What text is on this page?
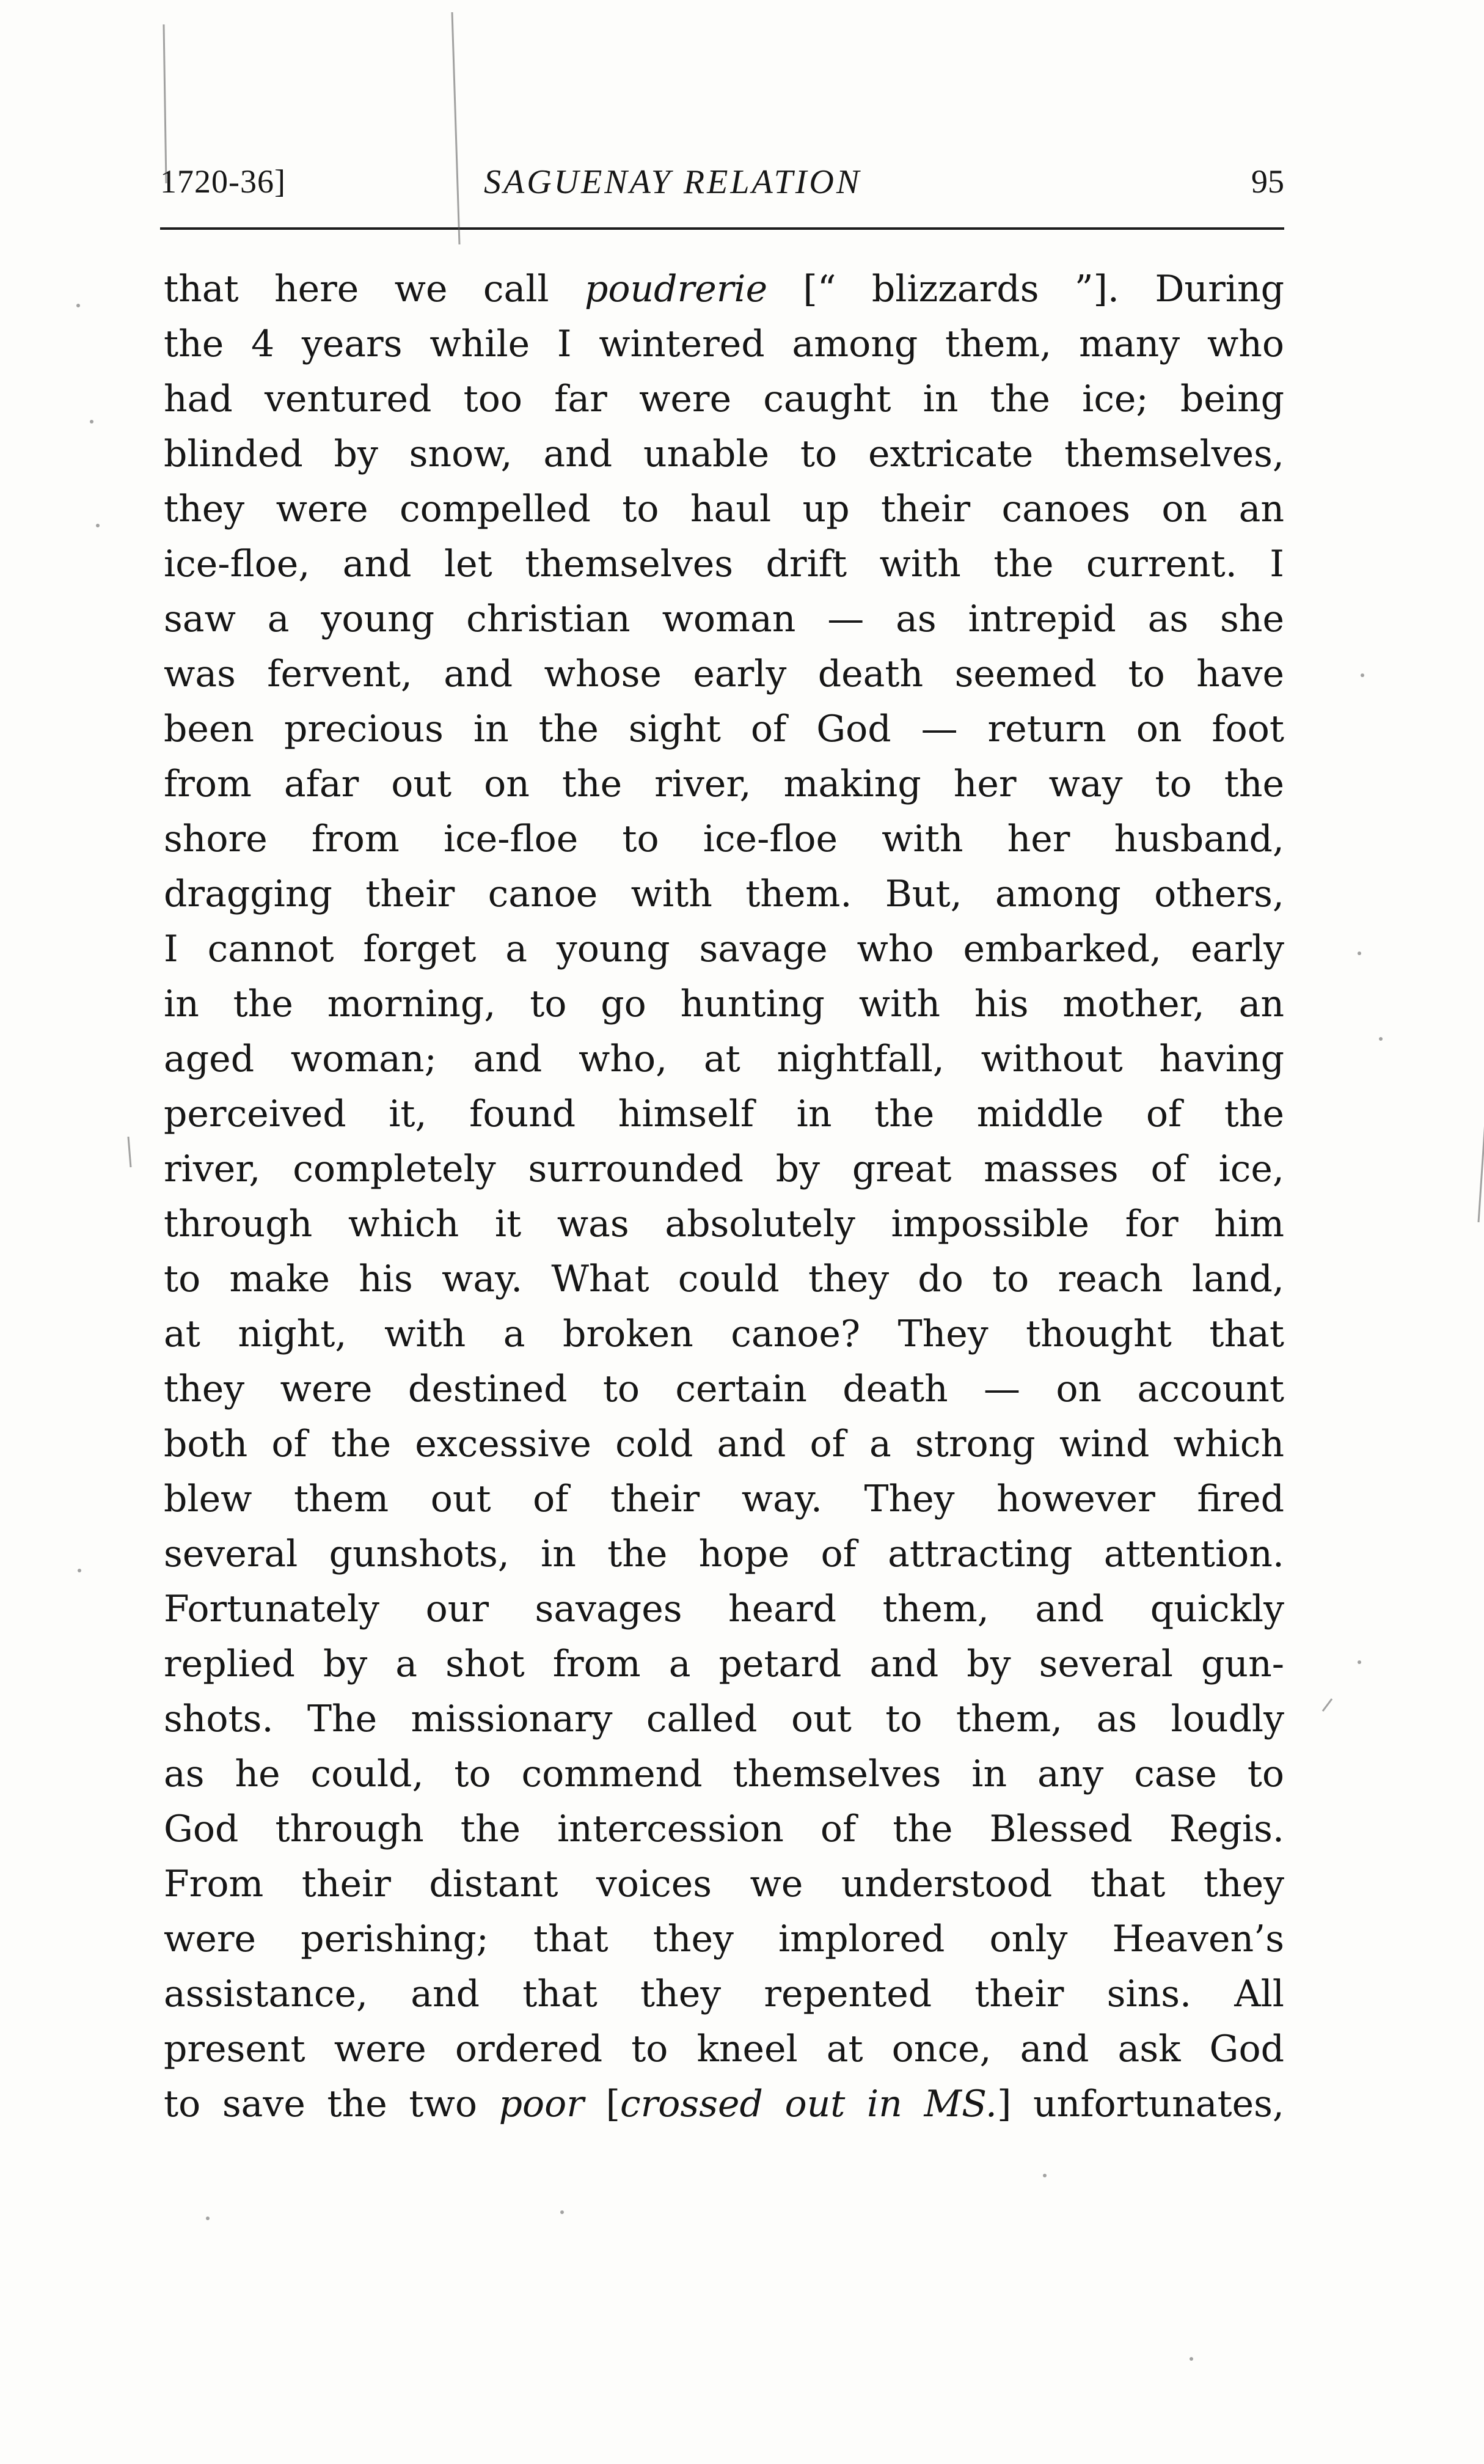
1720-36]	SAGUENAY RELATION	95
that here we call poudrerie [“ blizzards ”]. During
the 4 years while I wintered among them, many who
had ventured too far were caught in the ice; being
blinded by snow, and unable to extricate themselves,
they were compelled to haul up their canoes on an
ice-floe, and let themselves drift with the current. I
saw a young christian woman — as intrepid as she
was fervent, and whose early death seemed to have
been precious in the sight of God — return on foot
from afar out on the river, making her way to the
shore from ice-floe to ice-floe with her husband,
dragging their canoe with them. But, among others,
I cannot forget a young savage who embarked, early
in the morning, to go hunting with his mother, an
aged woman; and who, at nightfall, without having
perceived it, found himself in the middle of the
river, completely surrounded by great masses of ice,
through which it was absolutely impossible for him
to make his way. What could they do to reach land,
at night, with a broken canoe? They thought that
they were destined to certain death — on account
both of the excessive cold and of a strong wind which
blew them out of their way. They however fired
several gunshots, in the hope of attracting attention.
Fortunately our savages heard them, and quickly
replied by a shot from a petard and by several gun-
shots. The missionary called out to them, as loudly
as he could, to commend themselves in any case to
God through the intercession of the Blessed Regis.
From their distant voices we understood that they
were perishing; that they implored only Heaven’s
assistance, and that they repented their sins. All
present were ordered to kneel at once, and ask God
to save the two poor [crossed out in MS.] unfortunates,
